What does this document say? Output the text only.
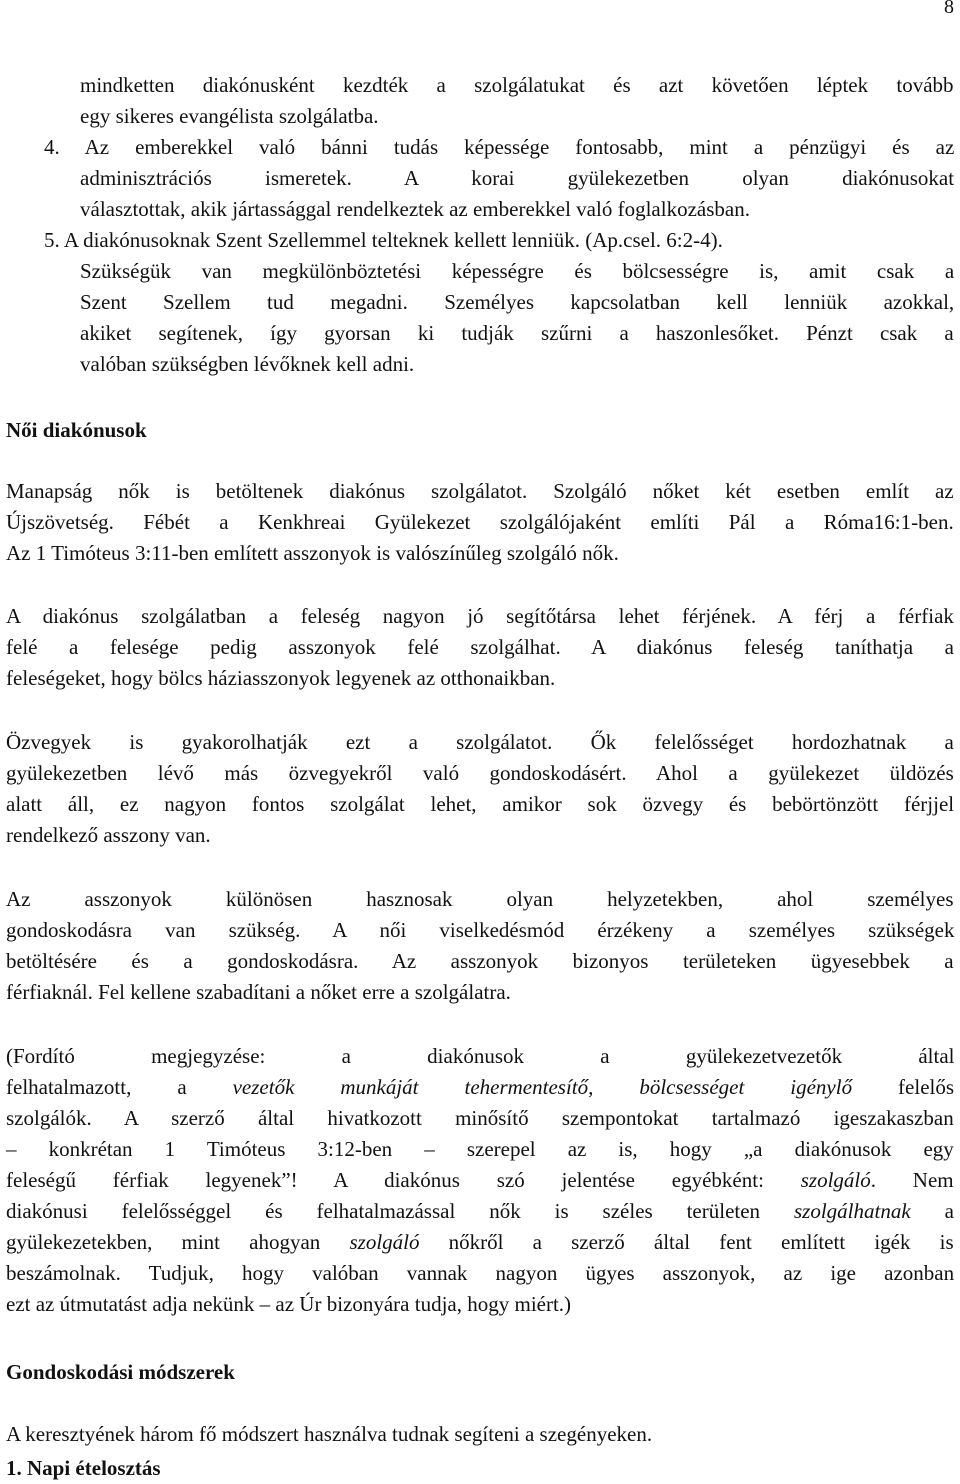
8
mindketten diakónusként kezdték a szolgálatukat és azt követően léptek tovább
egy sikeres evangélista szolgálatba.
4. Az emberekkel való bánni tudás képessége fontosabb, mint a pénzügyi és az
adminisztrációs ismeretek. A korai gyülekezetben olyan diakónusokat
választottak, akik jártassággal rendelkeztek az emberekkel való foglalkozásban.
5. A diakónusoknak Szent Szellemmel telteknek kellett lenniük. (Ap.csel. 6:2-4).
Szükségük van megkülönböztetési képességre és bölcsességre is, amit csak a
Szent Szellem tud megadni. Személyes kapcsolatban kell lenniük azokkal,
akiket segítenek, így gyorsan ki tudják szűrni a haszonlesőket. Pénzt csak a
valóban szükségben lévőknek kell adni.
Női diakónusok
Manapság nők is betöltenek diakónus szolgálatot. Szolgáló nőket két esetben említ az
Újszövetség. Fébét a Kenkhreai Gyülekezet szolgálójaként említi Pál a Róma16:1-ben.
Az 1 Timóteus 3:11-ben említett asszonyok is valószínűleg szolgáló nők.
A diakónus szolgálatban a feleség nagyon jó segítőtársa lehet férjének. A férj a férfiak
felé a felesége pedig asszonyok felé szolgálhat. A diakónus feleség taníthatja a
feleségeket, hogy bölcs háziasszonyok legyenek az otthonaikban.
Özvegyek is gyakorolhatják ezt a szolgálatot. Ők felelősséget hordozhatnak a
gyülekezetben lévő más özvegyekről való gondoskodásért. Ahol a gyülekezet üldözés
alatt áll, ez nagyon fontos szolgálat lehet, amikor sok özvegy és bebörtönzött férjjel
rendelkező asszony van.
Az asszonyok különösen hasznosak olyan helyzetekben, ahol személyes
gondoskodásra van szükség. A női viselkedésmód érzékeny a személyes szükségek
betöltésére és a gondoskodásra. Az asszonyok bizonyos területeken ügyesebbek a
férfiaknál. Fel kellene szabadítani a nőket erre a szolgálatra.
(Fordító megjegyzése: a diakónusok a gyülekezetvezetők által
felhatalmazott, a vezetők munkáját tehermentesítő, bölcsességet igénylő felelős
szolgálók. A szerző által hivatkozott minősítő szempontokat tartalmazó igeszakaszban
– konkrétan 1 Timóteus 3:12-ben – szerepel az is, hogy „a diakónusok egy
feleségű férfiak legyenek”! A diakónus szó jelentése egyébként: szolgáló. Nem
diakónusi felelősséggel és felhatalmazással nők is széles területen szolgálhatnak a
gyülekezetekben, mint ahogyan szolgáló nőkről a szerző által fent említett igék is
beszámolnak. Tudjuk, hogy valóban vannak nagyon ügyes asszonyok, az ige azonban
ezt az útmutatást adja nekünk – az Úr bizonyára tudja, hogy miért.)
Gondoskodási módszerek
A keresztyének három fő módszert használva tudnak segíteni a szegényeken.
1. Napi ételosztás
